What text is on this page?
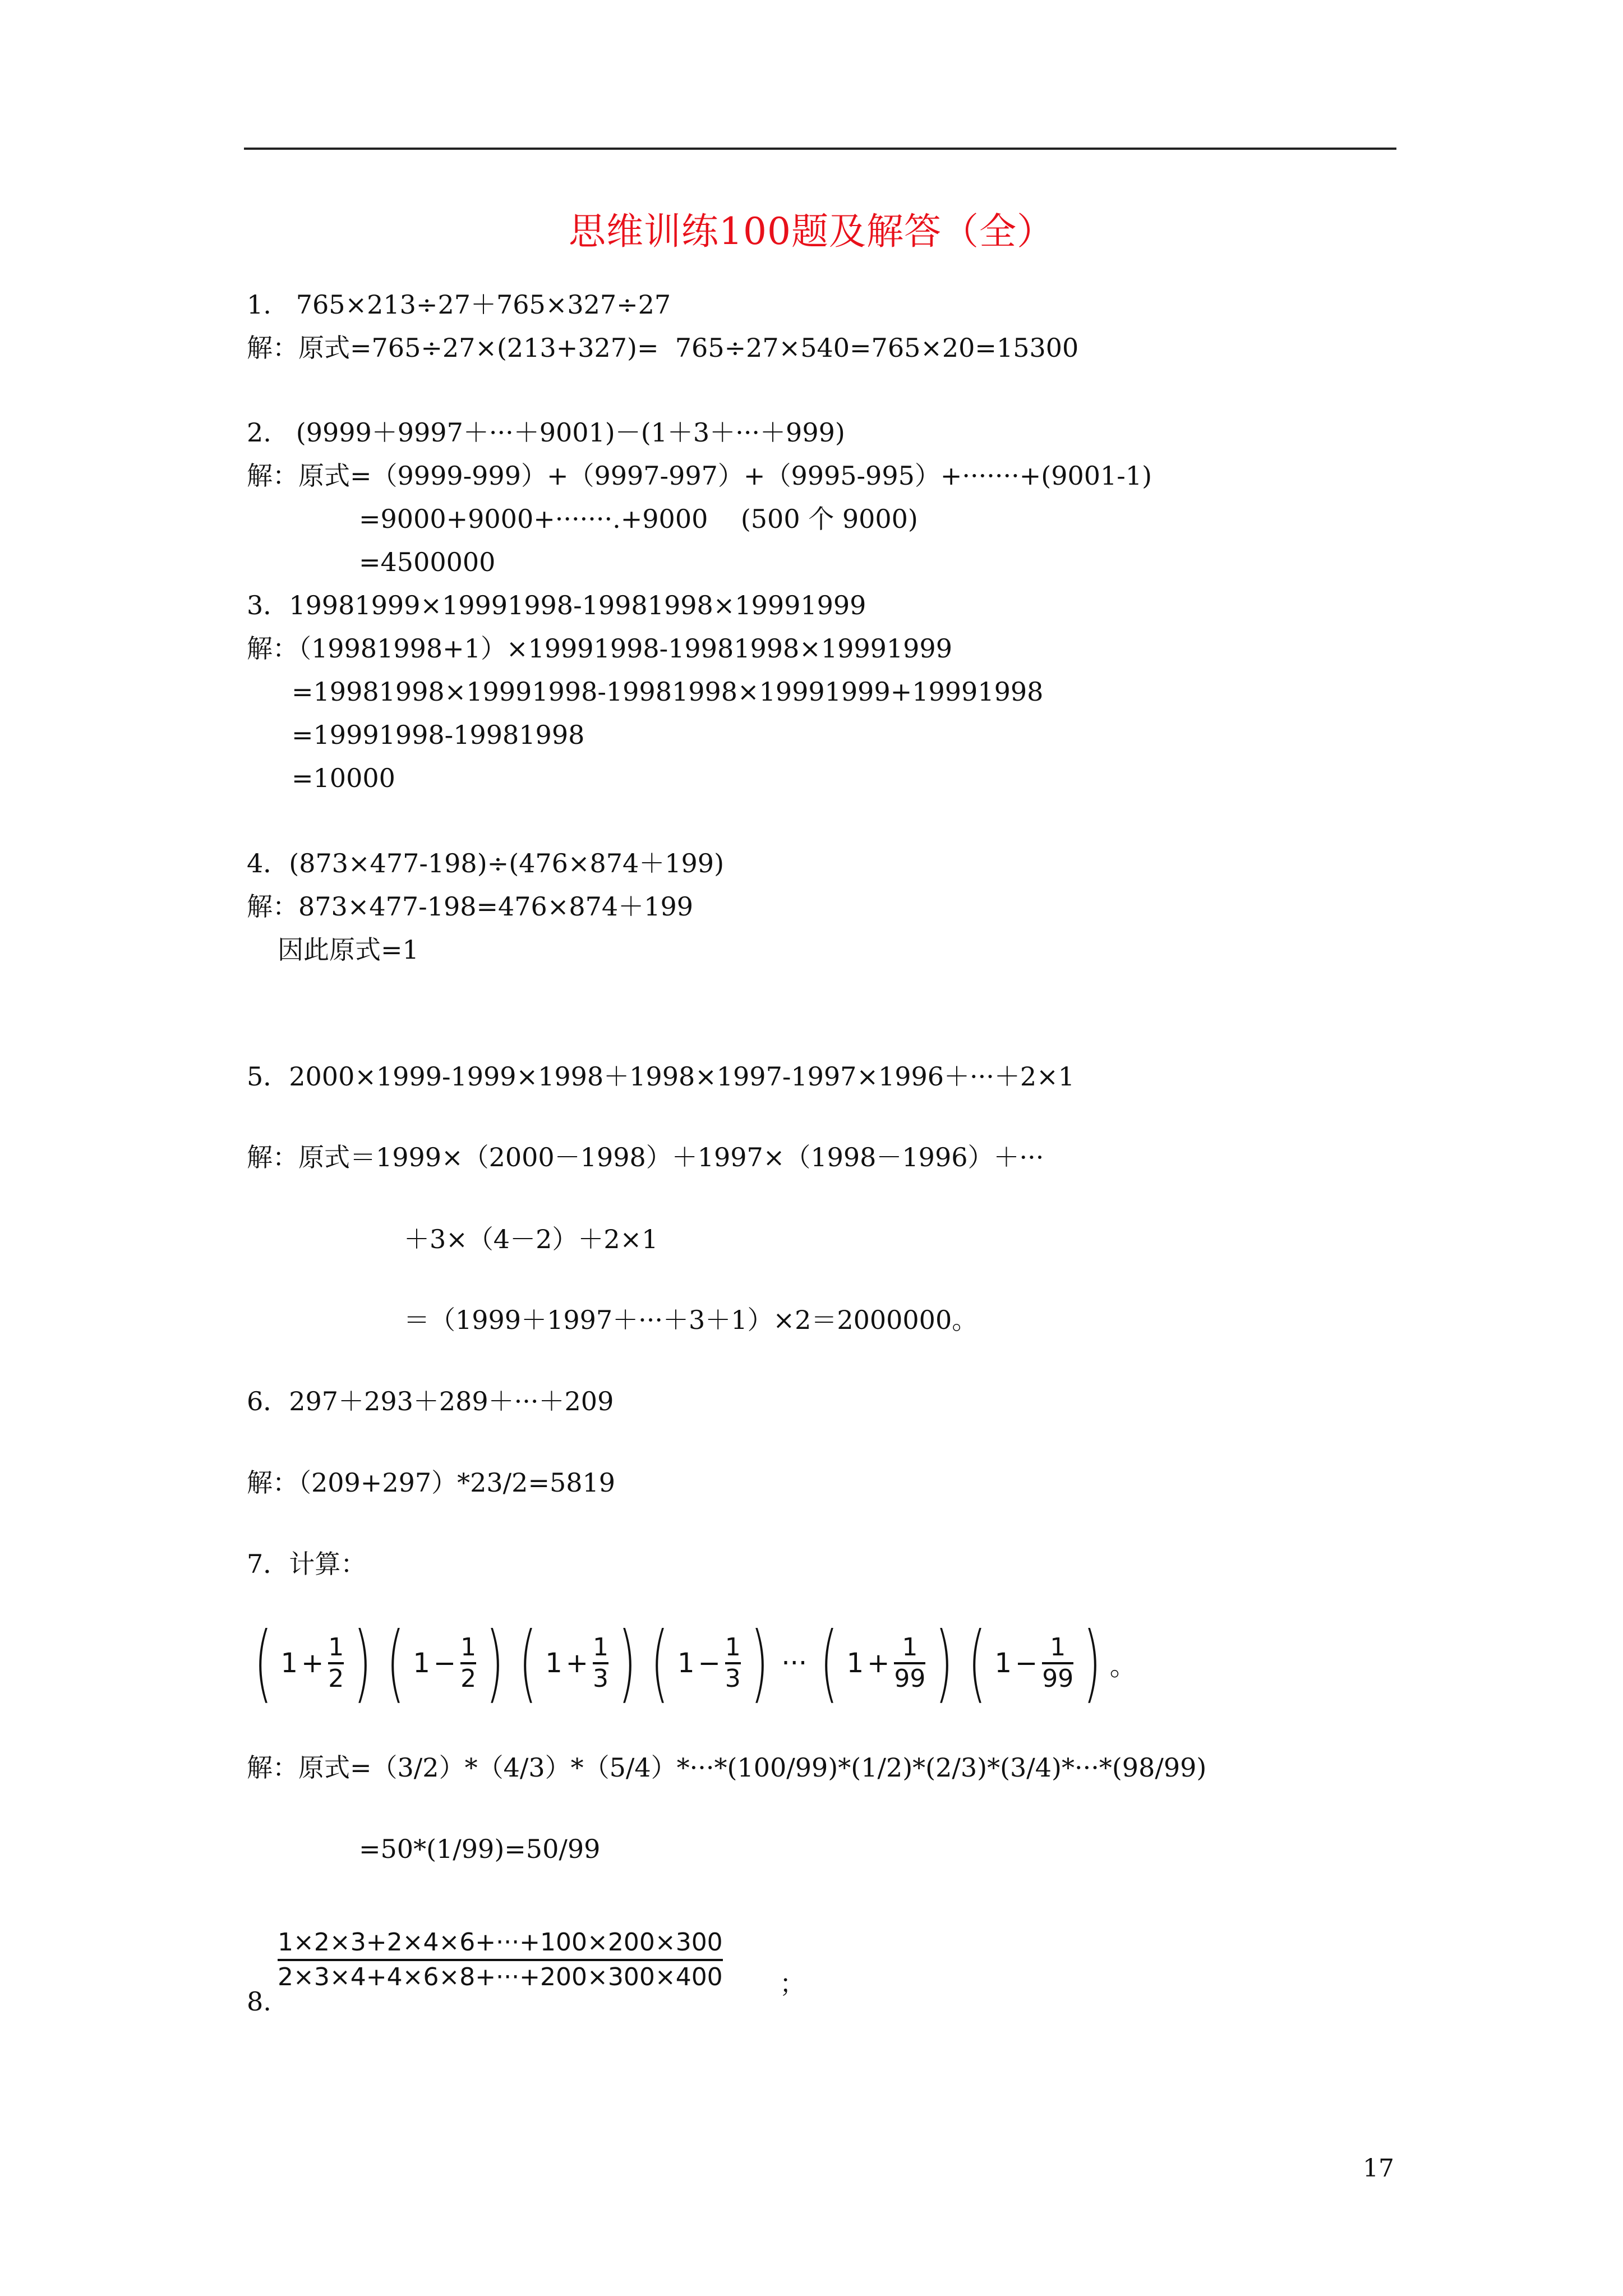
思维训练100题及解答（全）
1.   765×213÷27＋765×327÷27
解：原式=765÷27×(213+327)=  765÷27×540=765×20=15300
2.   (9999＋9997＋···＋9001)－(1＋3＋···＋999)
解：原式=（9999-999）+（9997-997）+（9995-995）+·······+(9001-1)
=9000+9000+·······.+9000    (500 个 9000)
=4500000
3．19981999×19991998-19981998×19991999
解：（19981998+1）×19991998-19981998×19991999
=19981998×19991998-19981998×19991999+19991998
=19991998-19981998
=10000
4．(873×477-198)÷(476×874＋199)
解：873×477-198=476×874＋199
因此原式=1
5．2000×1999-1999×1998＋1998×1997-1997×1996＋···＋2×1
解：原式＝1999×（2000－1998）＋1997×（1998－1996）＋···
＋3×（4－2）＋2×1
＝（1999＋1997＋···＋3＋1）×2＝2000000。
6．297＋293＋289＋···＋209
解：（209+297）*23/2=5819
7．计算：
( $1 + \frac{1}{2}$ ) ( $1 - \frac{1}{2}$ ) ( $1 + \frac{1}{3}$ ) ( $1 - \frac{1}{3}$ ) ··· ( $1 + \frac{1}{99}$ ) ( $1 - \frac{1}{99}$ ) 。
解：原式=（3/2）*（4/3）*（5/4）*···*(100/99)*(1/2)*(2/3)*(3/4)*···*(98/99)
=50*(1/99)=50/99
8.
1×2×3+2×4×6+···+100×200×300
2×3×4+4×6×8+···+200×300×400 ；
17
